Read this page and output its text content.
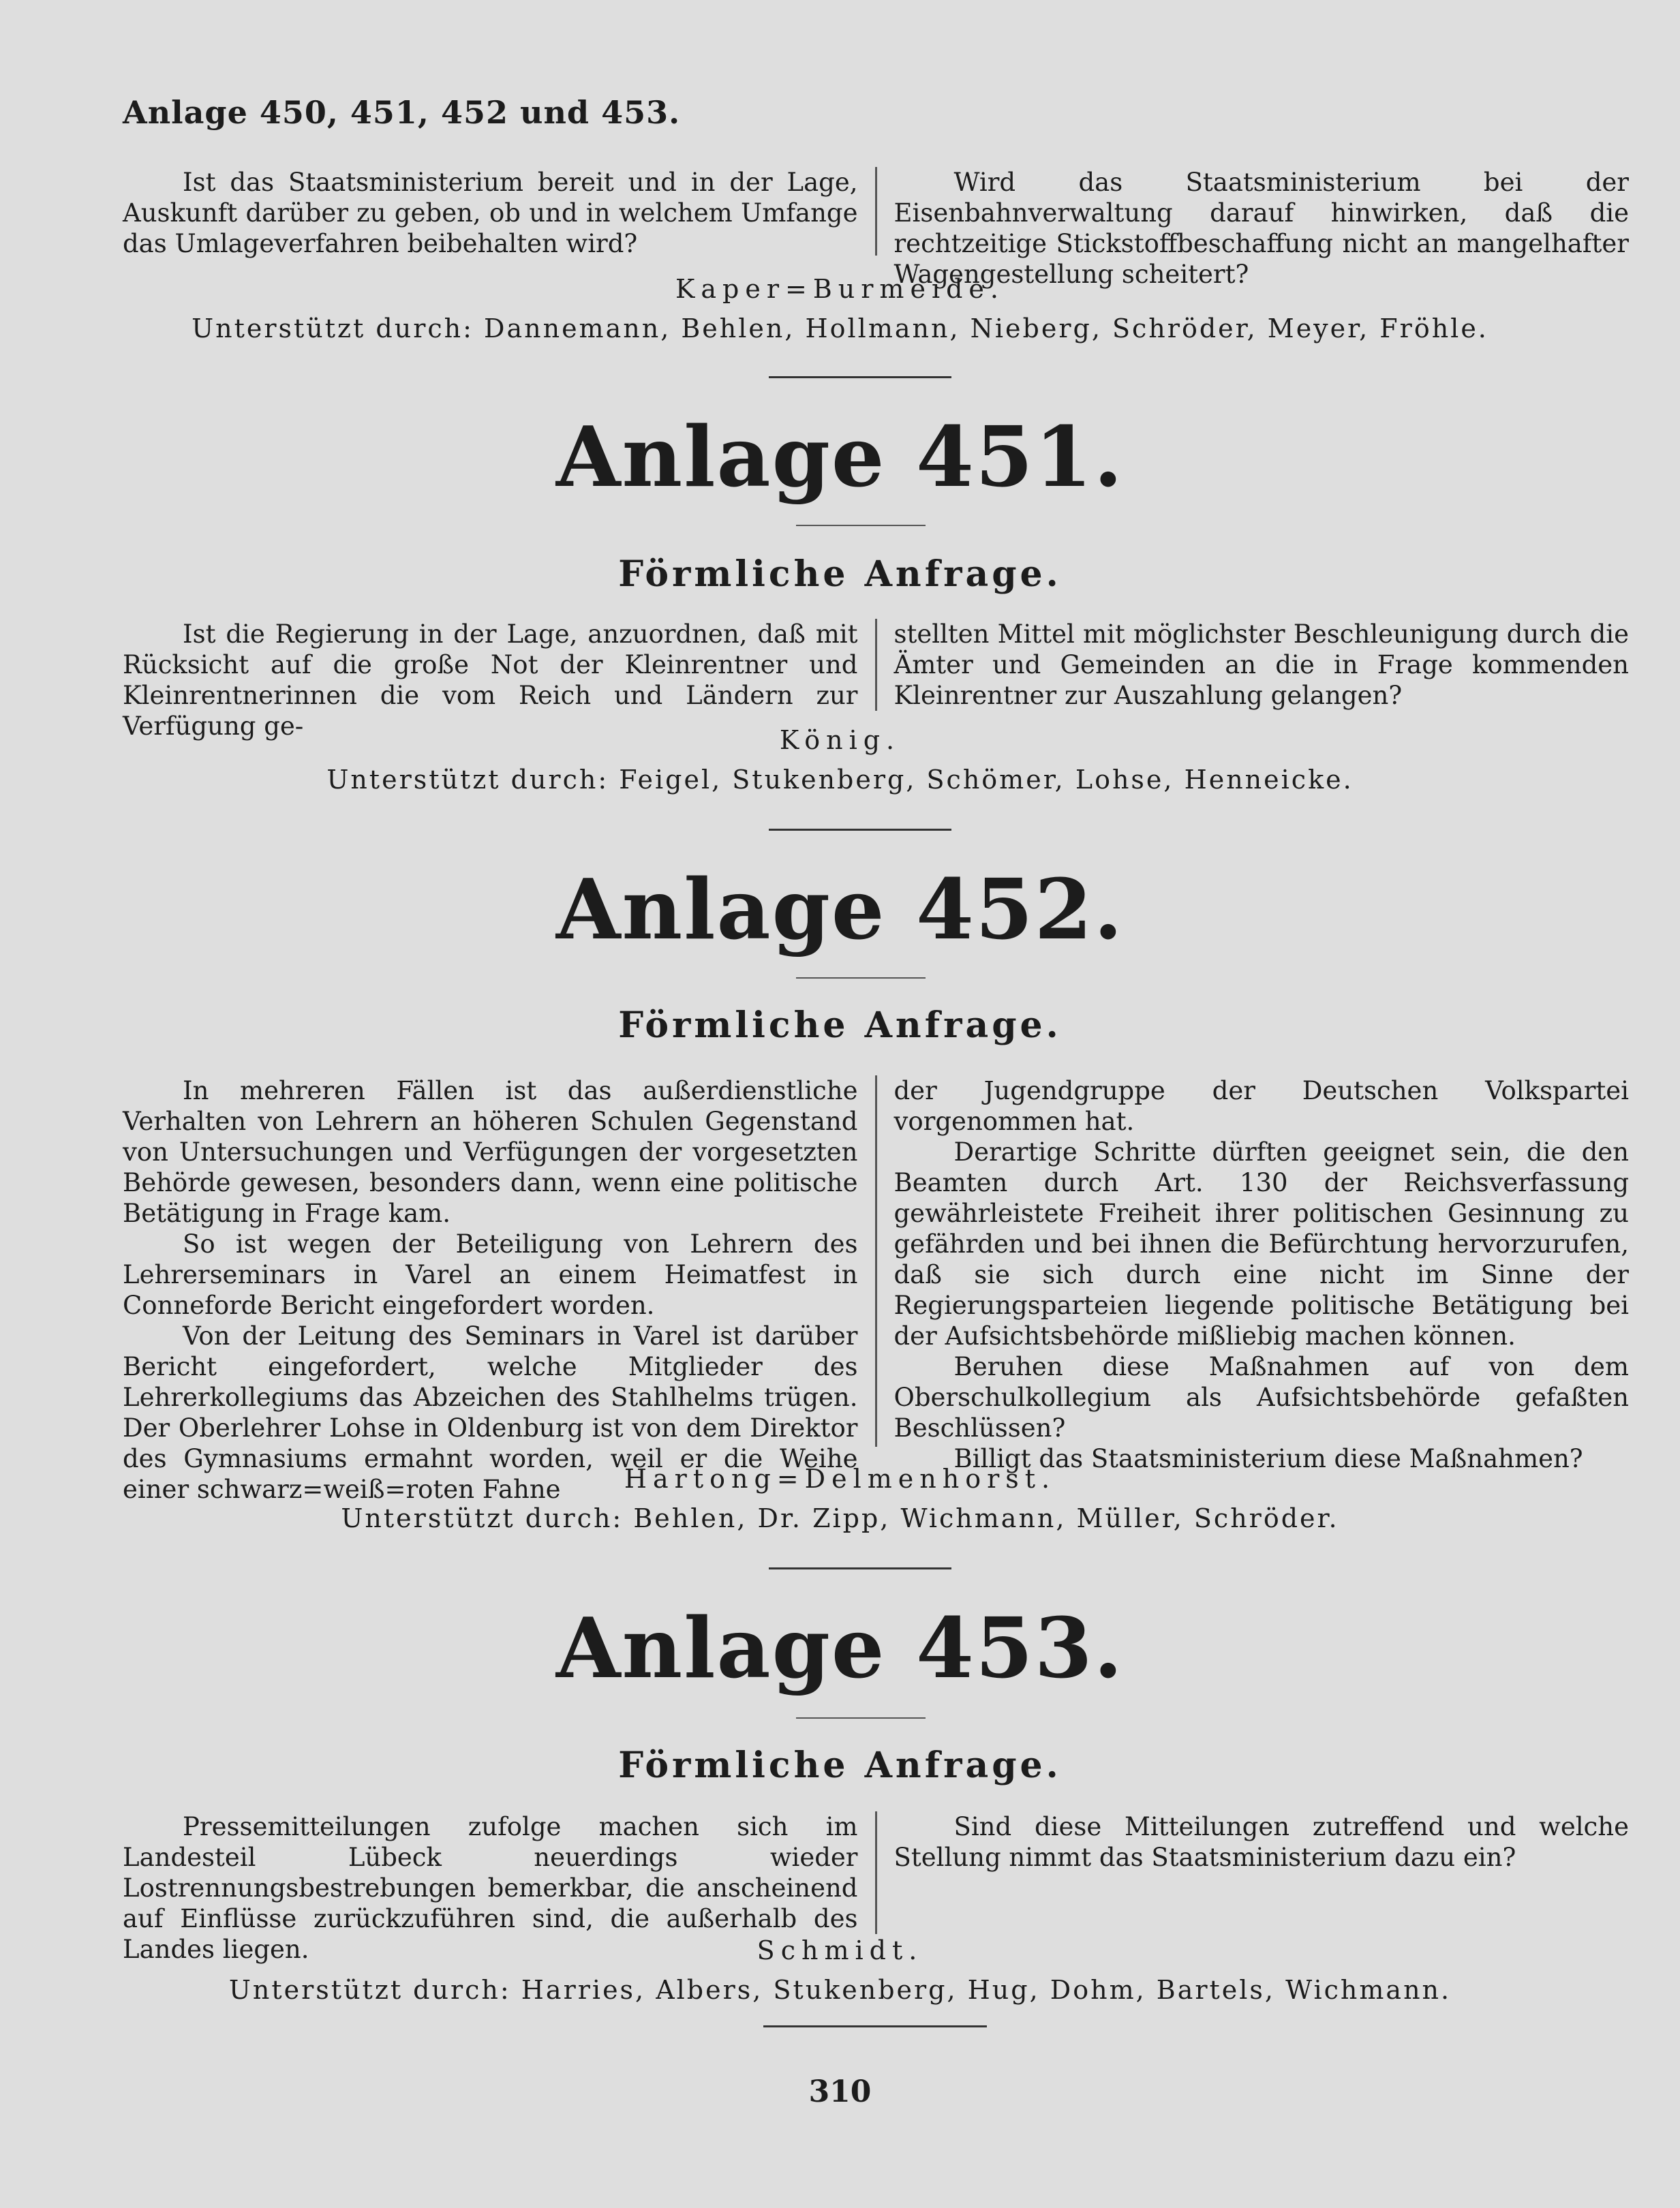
Anlage 450, 451, 452 und 453.

Ist das Staatsministerium bereit und in der Lage, Auskunft darüber zu geben, ob und in welchem Umfange das Umlageverfahren beibehalten wird?

Wird das Staatsministerium bei der Eisenbahnverwaltung darauf hinwirken, daß die rechtzeitige Stickstoffbeschaffung nicht an mangelhafter Wagengestellung scheitert?

Kaper=Burmeide.
Unterstützt durch: Dannemann, Behlen, Hollmann, Nieberg, Schröder, Meyer, Fröhle.
Anlage 451.
Förmliche Anfrage.

Ist die Regierung in der Lage, anzuordnen, daß mit Rücksicht auf die große Not der Kleinrentner und Kleinrentnerinnen die vom Reich und Ländern zur Verfügung ge-

stellten Mittel mit möglichster Beschleunigung durch die Ämter und Gemeinden an die in Frage kommenden Kleinrentner zur Auszahlung gelangen?

König.
Unterstützt durch: Feigel, Stukenberg, Schömer, Lohse, Henneicke.
Anlage 452.
Förmliche Anfrage.

In mehreren Fällen ist das außerdienstliche Verhalten von Lehrern an höheren Schulen Gegenstand von Untersuchungen und Verfügungen der vorgesetzten Behörde gewesen, besonders dann, wenn eine politische Betätigung in Frage kam.

So ist wegen der Beteiligung von Lehrern des Lehrerseminars in Varel an einem Heimatfest in Conneforde Bericht eingefordert worden.

Von der Leitung des Seminars in Varel ist darüber Bericht eingefordert, welche Mitglieder des Lehrerkollegiums das Abzeichen des Stahlhelms trügen. Der Oberlehrer Lohse in Oldenburg ist von dem Direktor des Gymnasiums ermahnt worden, weil er die Weihe einer schwarz=weiß=roten Fahne

der Jugendgruppe der Deutschen Volkspartei vorgenommen hat.

Derartige Schritte dürften geeignet sein, die den Beamten durch Art. 130 der Reichsverfassung gewährleistete Freiheit ihrer politischen Gesinnung zu gefährden und bei ihnen die Befürchtung hervorzurufen, daß sie sich durch eine nicht im Sinne der Regierungsparteien liegende politische Betätigung bei der Aufsichtsbehörde mißliebig machen können.

Beruhen diese Maßnahmen auf von dem Oberschulkollegium als Aufsichtsbehörde gefaßten Beschlüssen?

Billigt das Staatsministerium diese Maßnahmen?

Hartong=Delmenhorst.
Unterstützt durch: Behlen, Dr. Zipp, Wichmann, Müller, Schröder.
Anlage 453.
Förmliche Anfrage.

Pressemitteilungen zufolge machen sich im Landesteil Lübeck neuerdings wieder Lostrennungsbestrebungen bemerkbar, die anscheinend auf Einflüsse zurückzuführen sind, die außerhalb des Landes liegen.

Sind diese Mitteilungen zutreffend und welche Stellung nimmt das Staatsministerium dazu ein?

Schmidt.
Unterstützt durch: Harries, Albers, Stukenberg, Hug, Dohm, Bartels, Wichmann.
310
